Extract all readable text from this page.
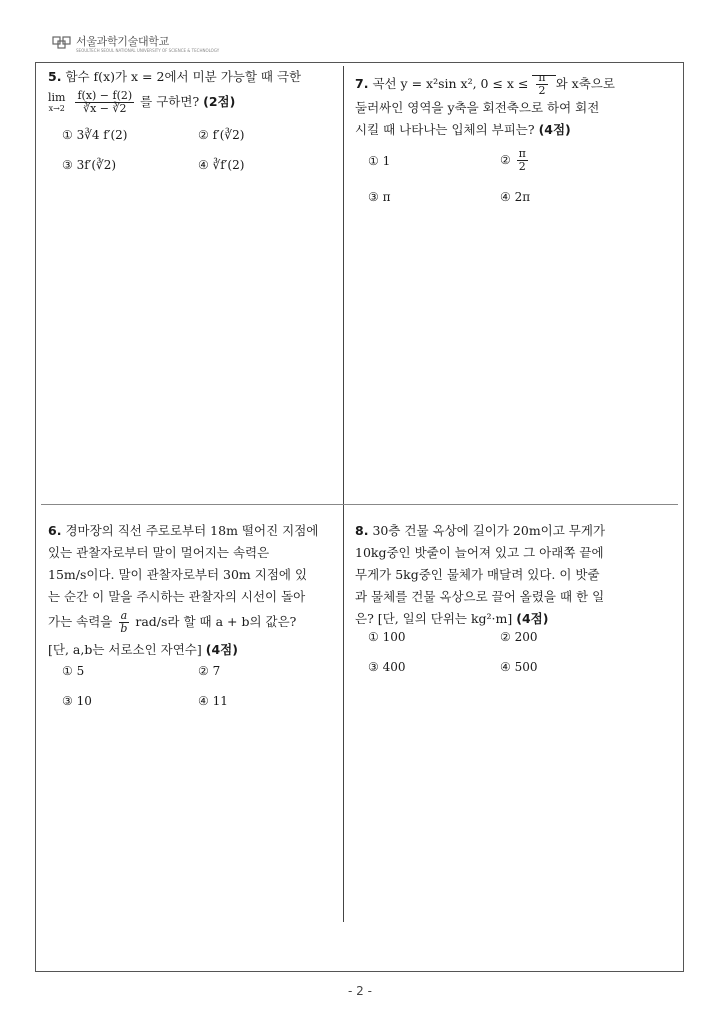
서울과학기술대학교
SEOULTECH SEOUL NATIONAL UNIVERSITY OF SCIENCE & TECHNOLOGY

5. 함수 f(x)가 x = 2에서 미분 가능할 때 극한

lim
x→2
$\frac{f(x) - f(2)}{∛x - ∛2}$ 를 구하면? (2점)

① 3∛4 f′(2)	② f′(∛2)
③ 3f′(∛2)	④ ∛f′(2)

7. 곡선 y = x²sin x², $0 \le x \le \frac{\pi}{2}$ 와 x축으로

둘러싸인 영역을 y축을 회전축으로 하여 회전

시킬 때 나타나는 입체의 부피는? (4점)

① 1	② $\frac{\pi}{2}$
③ π	④ 2π

6. 경마장의 직선 주로로부터 18m 떨어진 지점에

있는 관찰자로부터 말이 멀어지는 속력은

15m/s이다. 말이 관찰자로부터 30m 지점에 있

는 순간 이 말을 주시하는 관찰자의 시선이 돌아

가는 속력을 $\frac{a}{b} rad/s$라 할 때 a + b의 값은?

[단, a,b는 서로소인 자연수] (4점)

① 5	② 7
③ 10	④ 11

8. 30층 건물 옥상에 길이가 20m이고 무게가

10kg중인 밧줄이 늘어져 있고 그 아래쪽 끝에

무게가 5kg중인 물체가 매달려 있다. 이 밧줄

과 물체를 건물 옥상으로 끌어 올렸을 때 한 일

은? [단, 일의 단위는 kg²·m] (4점)

① 100	② 200
③ 400	④ 500
- 2 -
